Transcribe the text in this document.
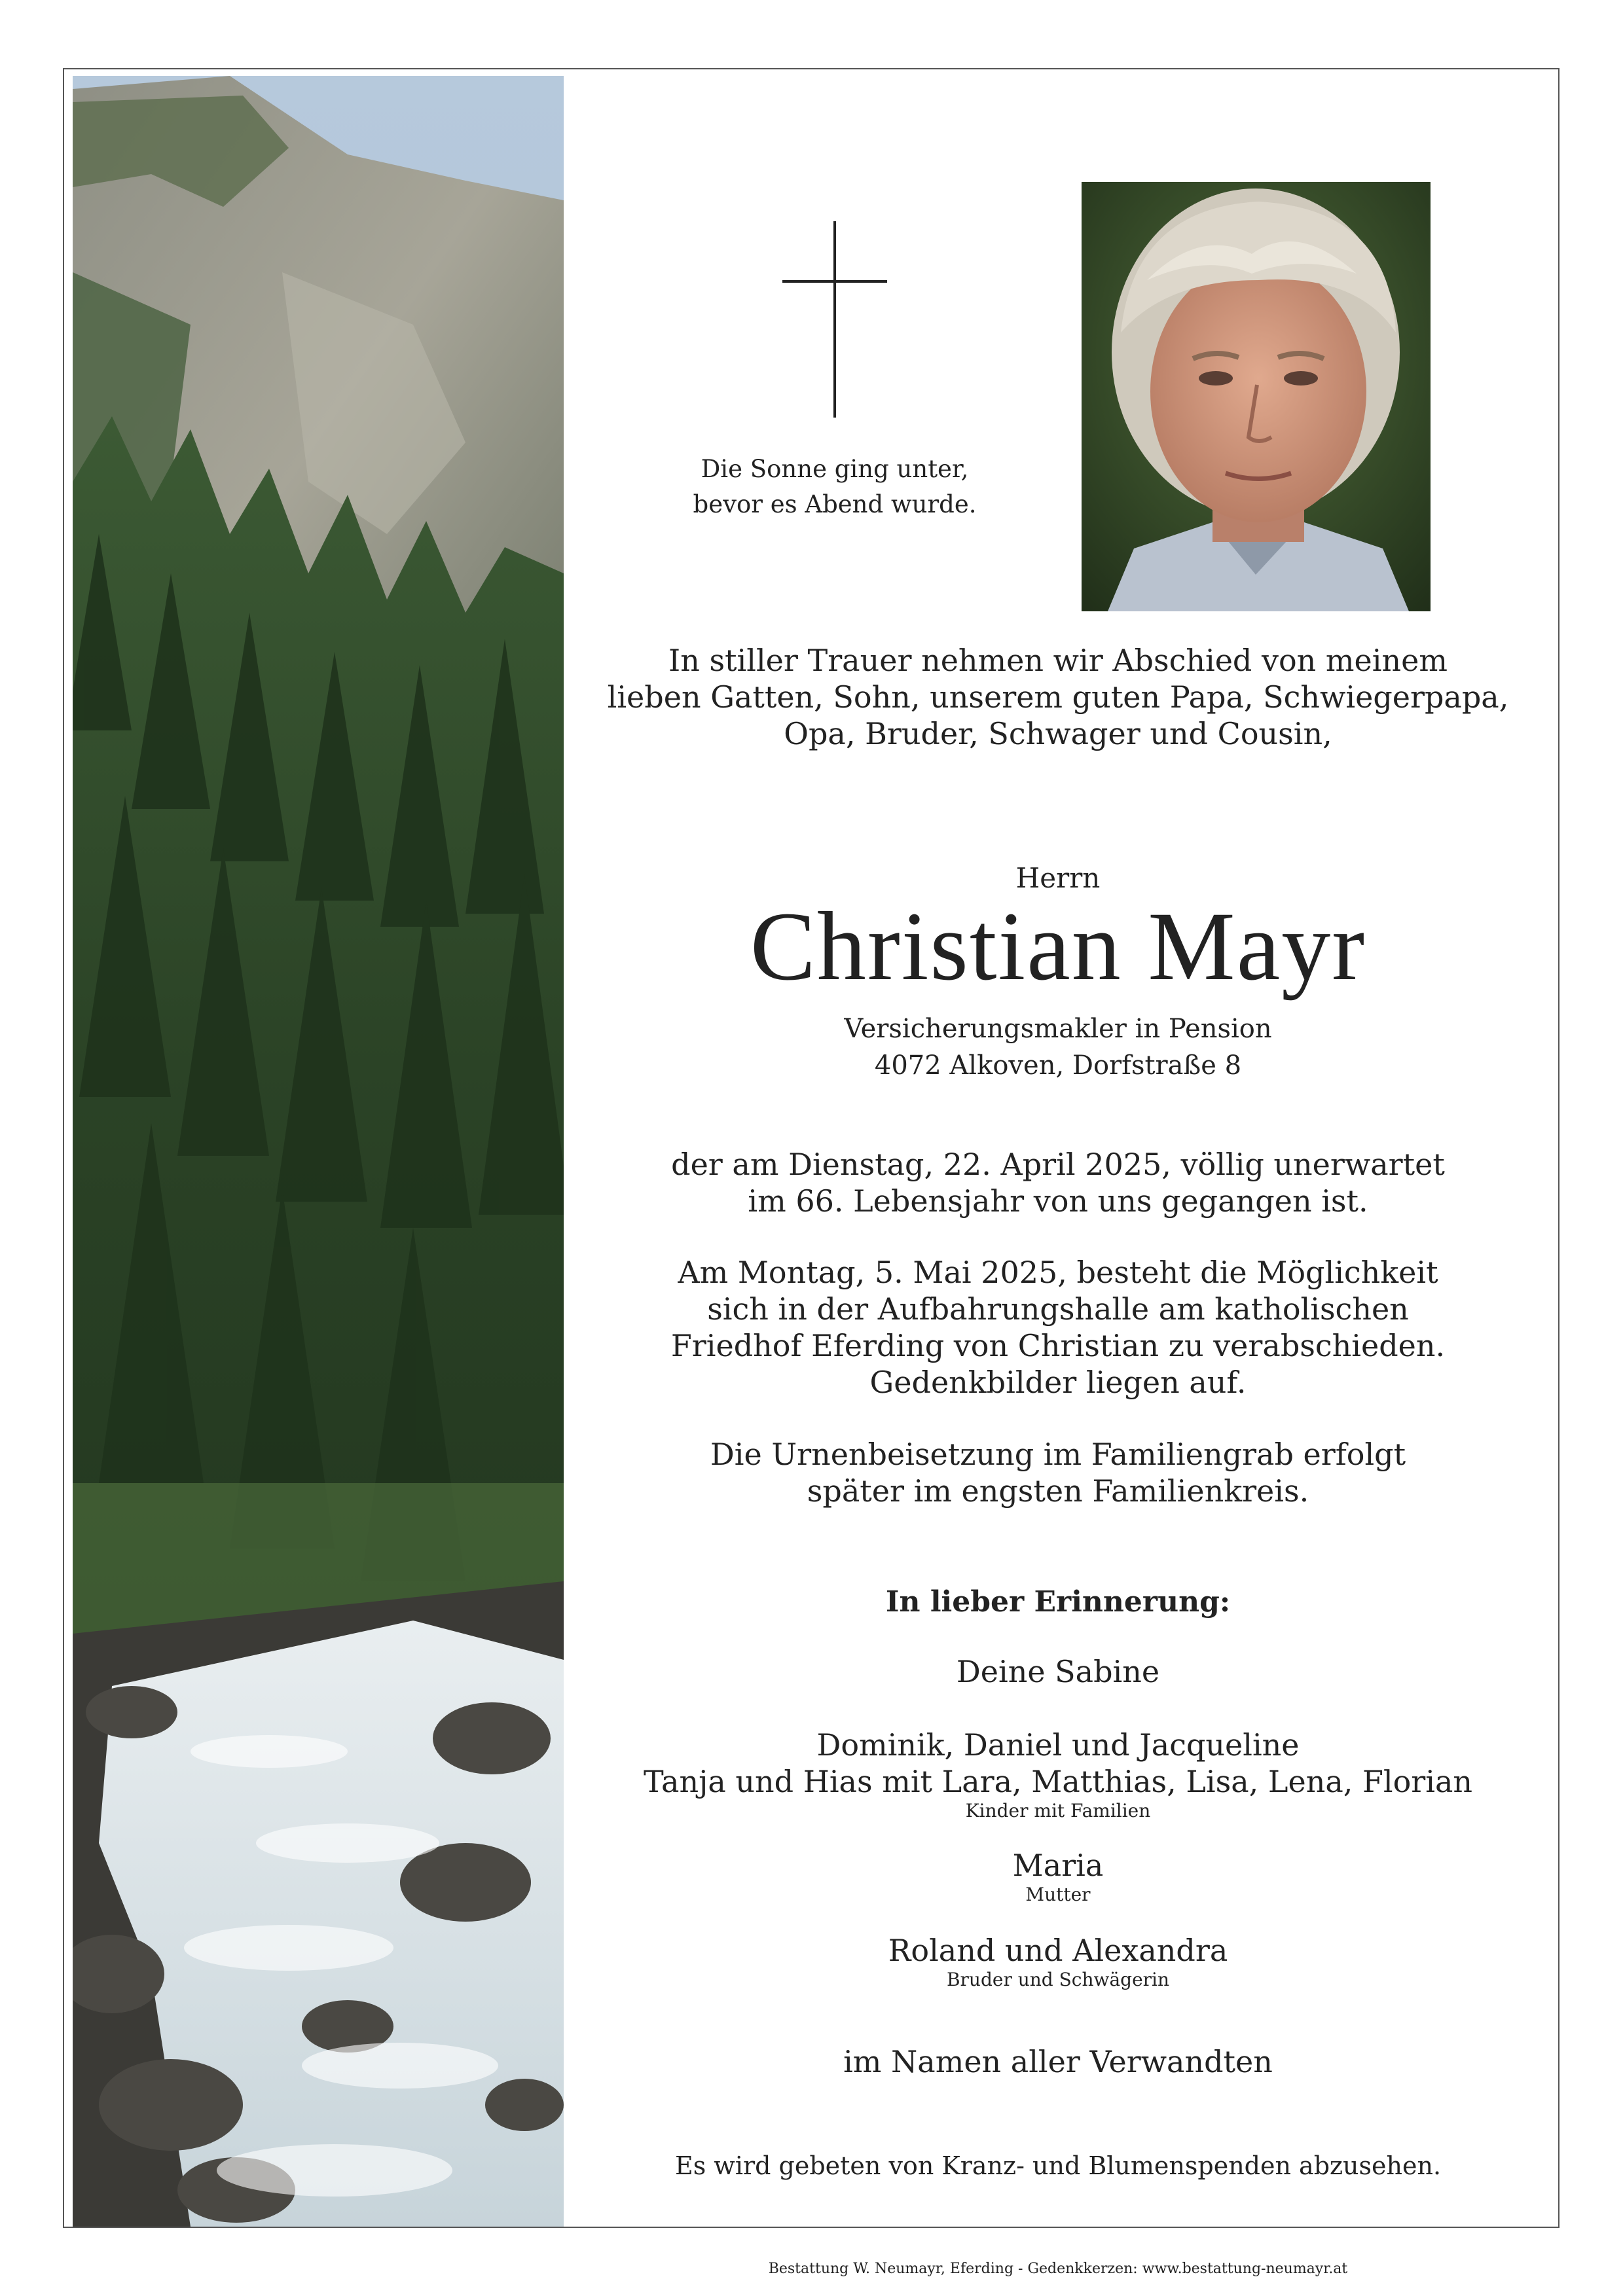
Die Sonne ging unter,
bevor es Abend wurde.
In stiller Trauer nehmen wir Abschied von meinem
lieben Gatten, Sohn, unserem guten Papa, Schwiegerpapa,
Opa, Bruder, Schwager und Cousin,
Herrn
Christian Mayr
Versicherungsmakler in Pension
4072 Alkoven, Dorfstraße 8
der am Dienstag, 22. April 2025, völlig unerwartet
im 66. Lebensjahr von uns gegangen ist.
Am Montag, 5. Mai 2025, besteht die Möglichkeit
sich in der Aufbahrungshalle am katholischen
Friedhof Eferding von Christian zu verabschieden.
Gedenkbilder liegen auf.
Die Urnenbeisetzung im Familiengrab erfolgt
später im engsten Familienkreis.
In lieber Erinnerung:
Deine Sabine
Dominik, Daniel und Jacqueline
Tanja und Hias mit Lara, Matthias, Lisa, Lena, Florian
Kinder mit Familien
Maria
Mutter
Roland und Alexandra
Bruder und Schwägerin
im Namen aller Verwandten
Es wird gebeten von Kranz- und Blumenspenden abzusehen.
Bestattung W. Neumayr, Eferding - Gedenkkerzen: www.bestattung-neumayr.at
